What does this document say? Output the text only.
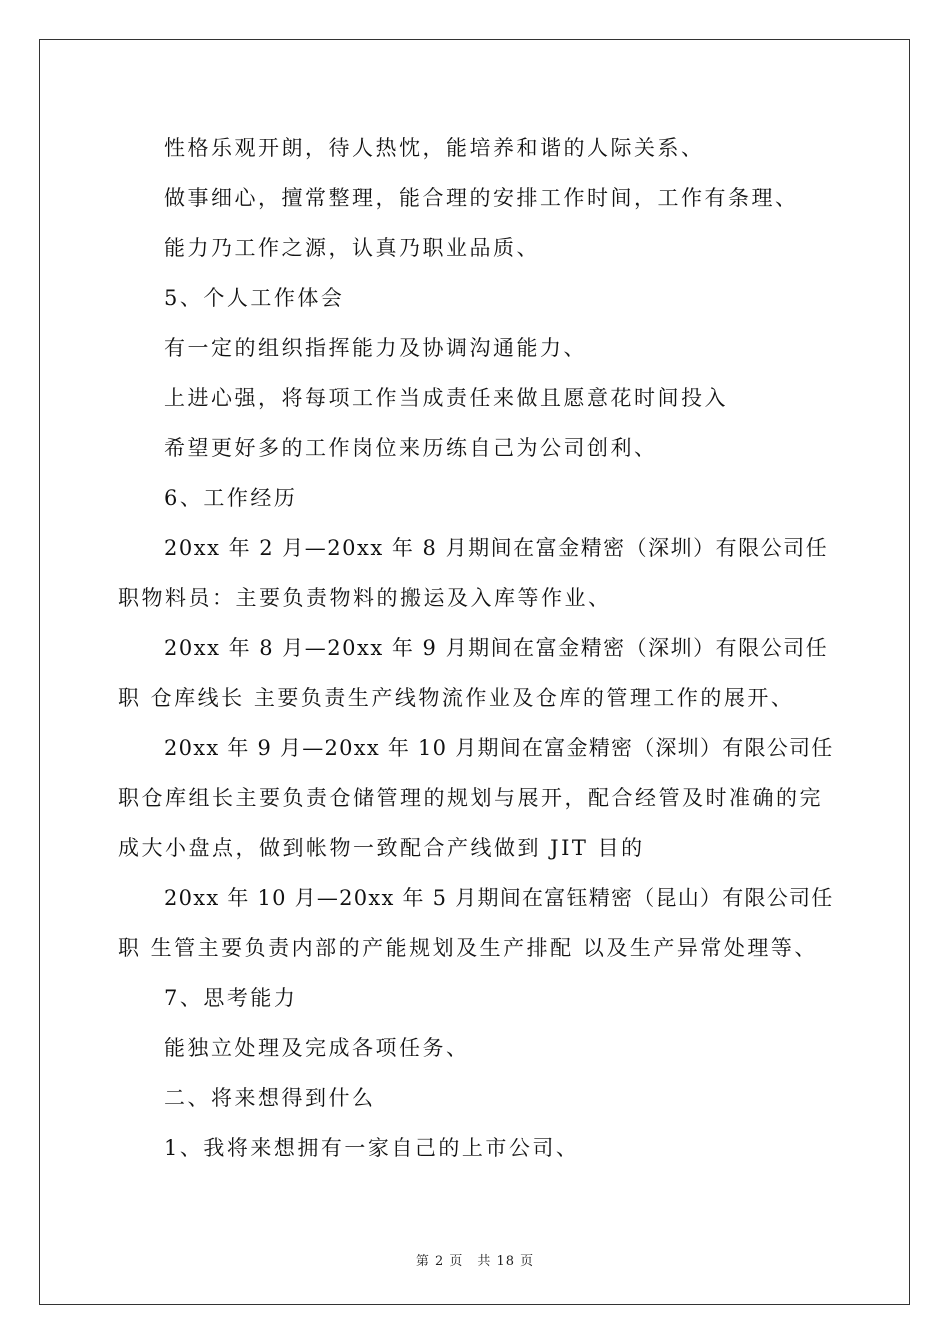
性格乐观开朗，待人热忱，能培养和谐的人际关系、
做事细心，擅常整理，能合理的安排工作时间，工作有条理、
能力乃工作之源，认真乃职业品质、
5、个人工作体会
有一定的组织指挥能力及协调沟通能力、
上进心强，将每项工作当成责任来做且愿意花时间投入
希望更好多的工作岗位来历练自己为公司创利、
6、工作经历
20xx 年 2 月—20xx 年 8 月期间在富金精密（深圳）有限公司任
职物料员：主要负责物料的搬运及入库等作业、
20xx 年 8 月—20xx 年 9 月期间在富金精密（深圳）有限公司任
职 仓库线长 主要负责生产线物流作业及仓库的管理工作的展开、
20xx 年 9 月—20xx 年 10 月期间在富金精密（深圳）有限公司任
职仓库组长主要负责仓储管理的规划与展开，配合经管及时准确的完
成大小盘点，做到帐物一致配合产线做到 JIT 目的
20xx 年 10 月—20xx 年 5 月期间在富钰精密（昆山）有限公司任
职 生管主要负责内部的产能规划及生产排配 以及生产异常处理等、
7、思考能力
能独立处理及完成各项任务、
二、将来想得到什么
1、我将来想拥有一家自己的上市公司、
第 2 页 共 18 页
